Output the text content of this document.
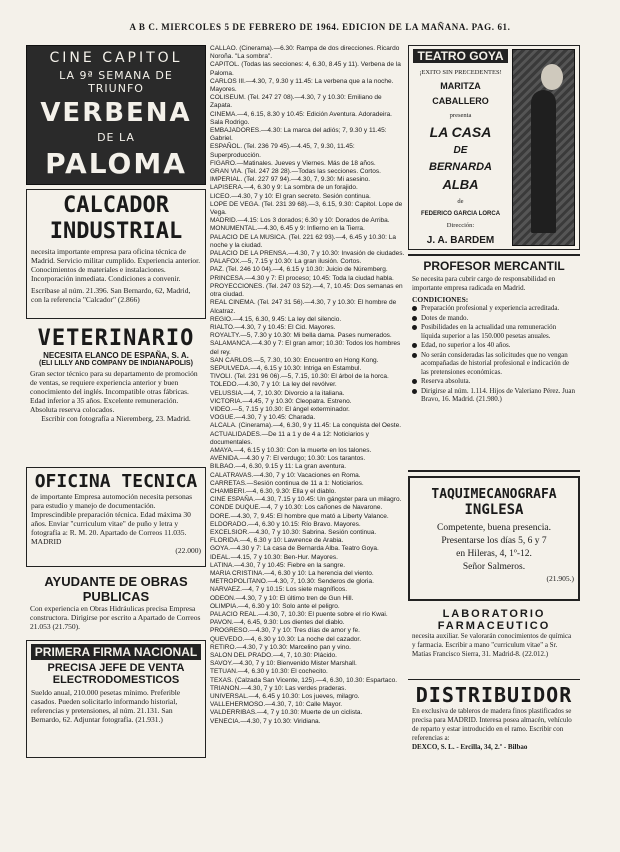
A B C. MIERCOLES 5 DE FEBRERO DE 1964. EDICION DE LA MAÑANA. PAG. 61.
CINE CAPITOL
LA 9ª SEMANA DE TRIUNFO
VERBENA
DE LA
PALOMA
CALCADOR INDUSTRIAL
necesita importante empresa para oficina técnica de Madrid. Servicio militar cumplido. Experiencia anterior. Conocimientos de materiales e instalaciones. Incorporación inmediata. Condiciones a convenir.
Escríbase al núm. 21.396. San Bernardo, 62, Madrid, con la referencia "Calcador" (2.866)
VETERINARIO
NECESITA ELANCO DE ESPAÑA, S. A.
(ELI LILLY AND COMPANY DE INDIANAPOLIS)
Gran sector técnico para su departamento de promoción de ventas, se requiere experiencia anterior y buen conocimiento del inglés. Incompatible otras fábricas. Edad inferior a 35 años. Excelente remuneración. Absoluta reserva colocados.
Escribir con fotografía a Nieremberg, 23. Madrid.
OFICINA TECNICA
de importante Empresa automoción necesita personas para estudio y manejo de documentación. Imprescindible preparación técnica. Edad máxima 30 años. Enviar "curriculum vitae" de puño y letra y fotografía a: R. M. 20. Apartado de Correos 11.035. MADRID
(22.000)
AYUDANTE DE OBRAS PUBLICAS
Con experiencia en Obras Hidráulicas precisa Empresa constructora. Dirigirse por escrito a Apartado de Correos 21.053 (21.750).
PRIMERA FIRMA NACIONAL
PRECISA JEFE DE VENTA
ELECTRODOMESTICOS
Sueldo anual, 210.000 pesetas mínimo. Preferible casados. Pueden solicitarlo informando historial, referencias y pretensiones, al núm. 21.131. San Bernardo, 62. Adjuntar fotografía. (21.931.)

CALLAO. (Cinerama).—6.30: Rampa de dos direcciones. Ricardo Noroña. "La sombra".

CAPITOL. (Todas las secciones: 4, 6.30, 8.45 y 11). Verbena de la Paloma.

CARLOS III.—4.30, 7, 9.30 y 11.45: La verbena que a la noche. Mayores.

COLISEUM. (Tel. 247 27 08).—4.30, 7 y 10.30: Emiliano de Zapata.

CINEMA.—4, 6.15, 8.30 y 10.45: Edición Aventura. Adoradeira. Sala Rodrigo.

EMBAJADORES.—4.30: La marca del adiós; 7, 9.30 y 11.45: Gabriel.

ESPAÑOL. (Tel. 236 79 45).—4.45, 7, 9.30, 11.45: Superproducción.

FIGARO.—Matinales. Jueves y Viernes. Más de 18 años.

GRAN VIA. (Tel. 247 28 28).—Todas las secciones. Cortos.

IMPERIAL. (Tel. 227 97 94).—4.30, 7, 9.30: Mi asesino.

LAPISERA.—4, 6.30 y 9: La sombra de un forajido.

LICEO.—4.30, 7 y 10: El gran secreto. Sesión continua.

LOPE DE VEGA. (Tel. 231 39 68).—3, 6.15, 9.30: Capitol. Lope de Vega.

MADRID.—4.15: Los 3 dorados; 6.30 y 10: Dorados de Arriba.

MONUMENTAL.—4.30, 6.45 y 9: Infierno en la Tierra.

PALACIO DE LA MUSICA. (Tel. 221 62 93).—4, 6.45 y 10.30: La noche y la ciudad.

PALACIO DE LA PRENSA.—4.30, 7 y 10.30: Invasión de ciudades.

PALAFOX.—5, 7.15 y 10.30: La gran ilusión. Cortos.

PAZ. (Tel. 246 10 04).—4, 6.15 y 10.30: Juicio de Núremberg.

PRINCESA.—4.30 y 7: El proceso; 10.45: Toda la ciudad habla.

PROYECCIONES. (Tel. 247 03 52).—4, 7, 10.45: Dos semanas en otra ciudad.

REAL CINEMA. (Tel. 247 31 56).—4.30, 7 y 10.30: El hombre de Alcatraz.

REGIO.—4.15, 6.30, 9.45: La ley del silencio.

RIALTO.—4.30, 7 y 10.45: El Cid. Mayores.

ROYALTY.—5, 7.30 y 10.30: Mi bella dama. Pases numerados.

SALAMANCA.—4.30 y 7: El gran amor; 10.30: Todos los hombres del rey.

SAN CARLOS.—5, 7.30, 10.30: Encuentro en Hong Kong.

SEPULVEDA.—4, 6.15 y 10.30: Intriga en Estambul.

TIVOLI. (Tel. 231 96 06).—5, 7.15, 10.30: El árbol de la horca.

TOLEDO.—4.30, 7 y 10: La ley del revólver.

VELUSSIA.—4, 7, 10.30: Divorcio a la italiana.

VICTORIA.—4.45, 7 y 10.30: Cleopatra. Estreno.

VIDEO.—5, 7.15 y 10.30: El ángel exterminador.

VOGUE.—4.30, 7 y 10.45: Charada.

ALCALA. (Cinerama).—4, 6.30, 9 y 11.45: La conquista del Oeste.

ACTUALIDADES.—De 11 a 1 y de 4 a 12: Noticiarios y documentales.

AMAYA.—4, 6.15 y 10.30: Con la muerte en los talones.

AVENIDA.—4.30 y 7: El verdugo; 10.30: Los tarantos.

BILBAO.—4, 6.30, 9.15 y 11: La gran aventura.

CALATRAVAS.—4.30, 7 y 10: Vacaciones en Roma.

CARRETAS.—Sesión continua de 11 a 1: Noticiarios.

CHAMBERI.—4, 6.30, 9.30: Ella y el diablo.

CINE ESPAÑA.—4.30, 7.15 y 10.45: Un gángster para un milagro.

CONDE DUQUE.—4, 7 y 10.30: Los cañones de Navarone.

DORE.—4.30, 7, 9.45: El hombre que mató a Liberty Valance.

ELDORADO.—4, 6.30 y 10.15: Río Bravo. Mayores.

EXCELSIOR.—4.30, 7 y 10.30: Sabrina. Sesión continua.

FLORIDA.—4, 6.30 y 10: Lawrence de Arabia.

GOYA.—4.30 y 7: La casa de Bernarda Alba. Teatro Goya.

IDEAL.—4.15, 7 y 10.30: Ben-Hur. Mayores.

LATINA.—4.30, 7 y 10.45: Fiebre en la sangre.

MARIA CRISTINA.—4, 6.30 y 10: La herencia del viento.

METROPOLITANO.—4.30, 7, 10.30: Senderos de gloria.

NARVAEZ.—4, 7 y 10.15: Los siete magníficos.

ODEON.—4.30, 7 y 10: El último tren de Gun Hill.

OLIMPIA.—4, 6.30 y 10: Solo ante el peligro.

PALACIO REAL.—4.30, 7, 10.30: El puente sobre el río Kwai.

PAVON.—4, 6.45, 9.30: Los dientes del diablo.

PROGRESO.—4.30, 7 y 10: Tres días de amor y fe.

QUEVEDO.—4, 6.30 y 10.30: La noche del cazador.

RETIRO.—4.30, 7 y 10.30: Marcelino pan y vino.

SALON DEL PRADO.—4, 7, 10.30: Plácido.

SAVOY.—4.30, 7 y 10: Bienvenido Mister Marshall.

TETUAN.—4, 6.30 y 10.30: El cochecito.

TEXAS. (Calzada San Vicente, 125).—4, 6.30, 10.30: Espartaco.

TRIANON.—4.30, 7 y 10: Las verdes praderas.

UNIVERSAL.—4, 6.45 y 10.30: Los jueves, milagro.

VALLEHERMOSO.—4.30, 7, 10: Calle Mayor.

VALDERRIBAS.—4, 7 y 10.30: Muerte de un ciclista.

VENECIA.—4.30, 7 y 10.30: Viridiana.

TEATRO GOYA
¡EXITO SIN PRECEDENTES!
MARITZA
CABALLERO
presenta
LA CASA
DE
BERNARDA
ALBA
de
FEDERICO GARCIA LORCA
Dirección:
J. A. BARDEM
PROFESOR MERCANTIL
Se necesita para cubrir cargo de responsabilidad en importante empresa radicada en Madrid.
CONDICIONES:
Preparación profesional y experiencia acreditada.
Dotes de mando.
Posibilidades en la actualidad una remuneración líquida superior a las 150.000 pesetas anuales.
Edad, no superior a los 40 años.
No serán consideradas las solicitudes que no vengan acompañadas de historial profesional e indicación de las pretensiones económicas.
Reserva absoluta.
Dirigirse al núm. 1.114. Hijos de Valeriano Pérez. Juan Bravo, 16. Madrid. (21.980.)
TAQUIMECANOGRAFA
INGLESA
Competente, buena presencia.
Presentarse los días 5, 6 y 7
en Hileras, 4, 1º-12.
Señor Salmeros.
(21.905.)
LABORATORIO
FARMACEUTICO
necesita auxiliar. Se valorarán conocimientos de química y farmacia. Escribir a mano "curriculum vitae" a Sr. Matías Francisco Sierra, 31. Madrid-8. (22.012.)
DISTRIBUIDOR
En exclusiva de tableros de madera finos plastificados se precisa para MADRID. Interesa posea almacén, vehículo de reparto y estar introducido en el ramo. Escribir con referencias a:
DEXCO, S. L. - Ercilla, 34, 2.º - Bilbao
